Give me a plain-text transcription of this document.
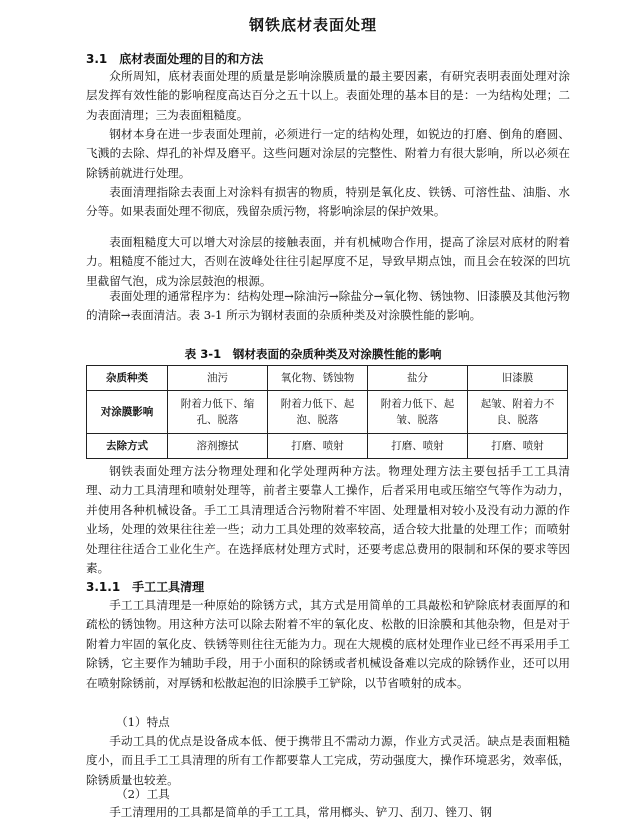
钢铁底材表面处理
3.1　底材表面处理的目的和方法

众所周知，底材表面处理的质量是影响涂膜质量的最主要因素，有研究表明表面处理对涂层发挥有效性能的影响程度高达百分之五十以上。表面处理的基本目的是：一为结构处理；二为表面清理；三为表面粗糙度。

钢材本身在进一步表面处理前，必须进行一定的结构处理，如锐边的打磨、倒角的磨圆、飞溅的去除、焊孔的补焊及磨平。这些问题对涂层的完整性、附着力有很大影响，所以必须在除锈前就进行处理。

表面清理指除去表面上对涂料有损害的物质，特别是氧化皮、铁锈、可溶性盐、油脂、水分等。如果表面处理不彻底，残留杂质污物，将影响涂层的保护效果。

表面粗糙度大可以增大对涂层的接触表面，并有机械吻合作用，提高了涂层对底材的附着力。粗糙度不能过大，否则在波峰处往往引起厚度不足，导致早期点蚀，而且会在较深的凹坑里截留气泡，成为涂层鼓泡的根源。

表面处理的通常程序为：结构处理→除油污→除盐分→氧化物、锈蚀物、旧漆膜及其他污物的清除→表面清洁。表 3-1 所示为钢材表面的杂质种类及对涂膜性能的影响。

表 3-1　钢材表面的杂质种类及对涂膜性能的影响
杂质种类	油污	氧化物、锈蚀物	盐分	旧漆膜
对涂膜影响	附着力低下、缩孔、脱落	附着力低下、起泡、脱落	附着力低下、起皱、脱落	起皱、附着力不良、脱落
去除方式	溶剂擦拭	打磨、喷射	打磨、喷射	打磨、喷射

钢铁表面处理方法分物理处理和化学处理两种方法。物理处理方法主要包括手工工具清理、动力工具清理和喷射处理等，前者主要靠人工操作，后者采用电或压缩空气等作为动力，并使用各种机械设备。手工工具清理适合污物附着不牢固、处理量相对较小及没有动力源的作业场，处理的效果往往差一些；动力工具处理的效率较高，适合较大批量的处理工作；而喷射处理往往适合工业化生产。在选择底材处理方式时，还要考虑总费用的限制和环保的要求等因素。

3.1.1　手工工具清理

手工工具清理是一种原始的除锈方式，其方式是用简单的工具敲松和铲除底材表面厚的和疏松的锈蚀物。用这种方法可以除去附着不牢的氧化皮、松散的旧涂膜和其他杂物，但是对于附着力牢固的氧化皮、铁锈等则往往无能为力。现在大规模的底材处理作业已经不再采用手工除锈，它主要作为辅助手段，用于小面积的除锈或者机械设备难以完成的除锈作业，还可以用在喷射除锈前，对厚锈和松散起泡的旧涂膜手工铲除，以节省喷射的成本。

（1）特点

手动工具的优点是设备成本低、便于携带且不需动力源，作业方式灵活。缺点是表面粗糙度小，而且手工工具清理的所有工作都要靠人工完成，劳动强度大，操作环境恶劣，效率低，除锈质量也较差。

（2）工具

手工清理用的工具都是简单的手工工具，常用榔头、铲刀、刮刀、锉刀、钢
